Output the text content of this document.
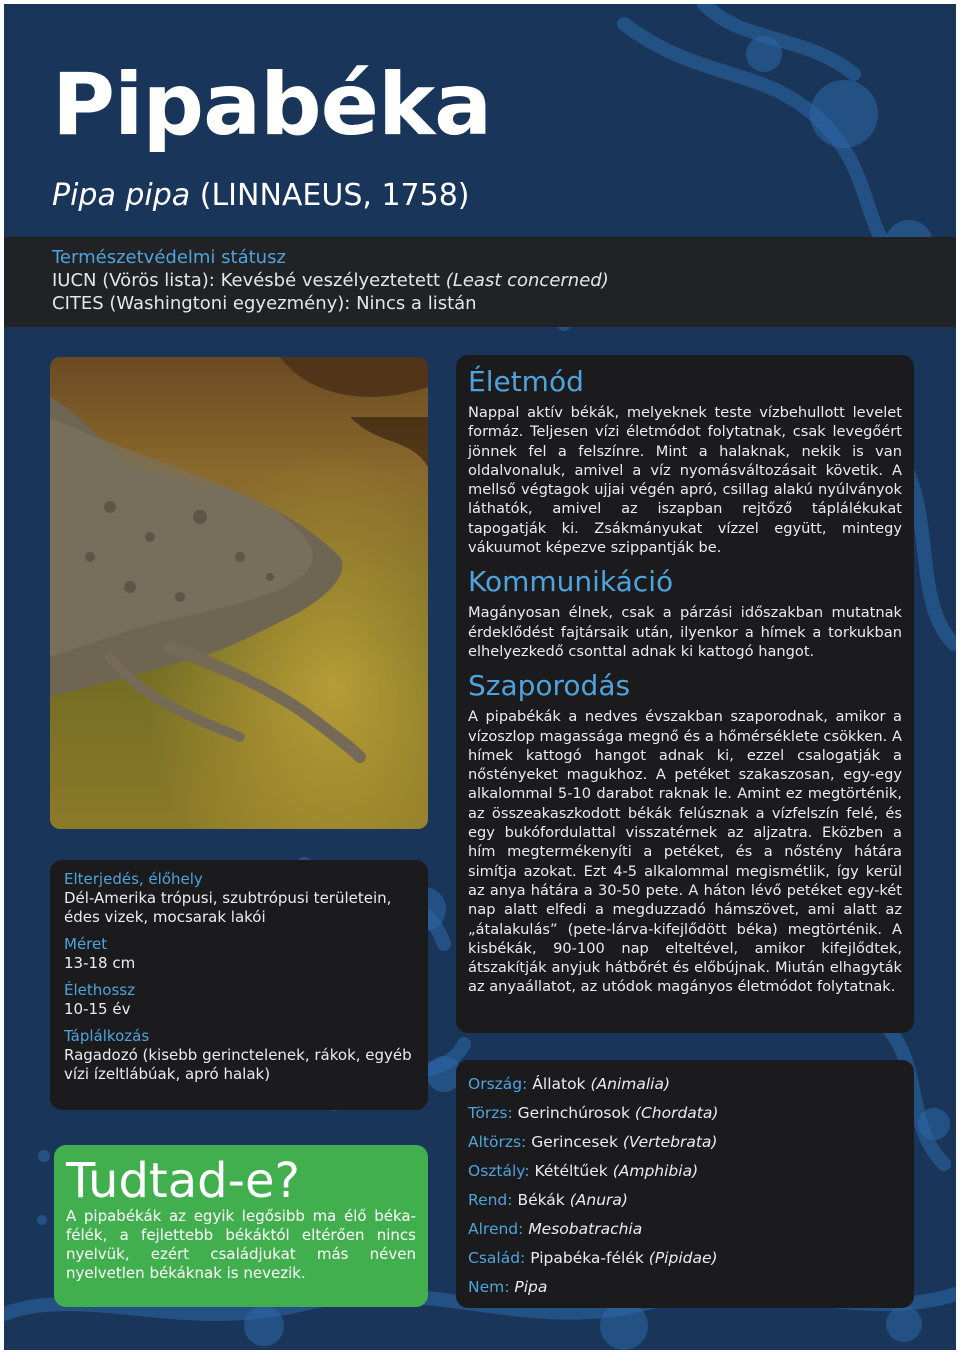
Pipabéka
Pipa pipa (LINNAEUS, 1758)
Természetvédelmi státusz
IUCN (Vörös lista): Kevésbé veszélyeztetett (Least concerned)
CITES (Washingtoni egyezmény): Nincs a listán
Elterjedés, élőhely
Dél-Amerika trópusi, szubtrópusi területein, édes vizek, mocsarak lakói
Méret
13-18 cm
Élethossz
10-15 év
Táplálkozás
Ragadozó (kisebb gerinctelenek, rákok, egyéb vízi ízeltlábúak, apró halak)
Tudtad-e?
A pipabékák az egyik legősibb ma élő béka-félék, a fejlettebb békáktól eltérően nincs nyelvük, ezért családjukat más néven nyelvetlen békáknak is nevezik.
Életmód
Nappal aktív békák, melyeknek teste vízbehullott levelet formáz. Teljesen vízi életmódot folytatnak, csak levegőért jönnek fel a felszínre. Mint a halaknak, nekik is van oldalvonaluk, amivel a víz nyomásváltozásait követik. A mellső végtagok ujjai végén apró, csillag alakú nyúlványok láthatók, amivel az iszapban rejtőző táplálékukat tapogatják ki. Zsákmányukat vízzel együtt, mintegy vákuumot képezve szippantják be.
Kommunikáció
Magányosan élnek, csak a párzási időszakban mutatnak érdeklődést fajtársaik után, ilyenkor a hímek a torkukban elhelyezkedő csonttal adnak ki kattogó hangot.
Szaporodás
A pipabékák a nedves évszakban szaporodnak, amikor a vízoszlop magassága megnő és a hőmérséklete csökken. A hímek kattogó hangot adnak ki, ezzel csalogatják a nőstényeket magukhoz. A petéket szakaszosan, egy-egy alkalommal 5-10 darabot raknak le. Amint ez megtörténik, az összeakaszkodott békák felúsznak a vízfelszín felé, és egy bukófordulattal visszatérnek az aljzatra. Eközben a hím megtermékenyíti a petéket, és a nőstény hátára simítja azokat. Ezt 4-5 alkalommal megismétlik, így kerül az anya hátára a 30-50 pete. A háton lévő petéket egy-két nap alatt elfedi a megduzzadó hámszövet, ami alatt az „átalakulás” (pete-lárva-kifejlődött béka) megtörténik. A kisbékák, 90-100 nap elteltével, amikor kifejlődtek, átszakítják anyjuk hátbőrét és előbújnak. Miután elhagyták az anyaállatot, az utódok magányos életmódot folytatnak.
Ország: Állatok (Animalia)
Törzs: Gerinchúrosok (Chordata)
Altörzs: Gerincesek (Vertebrata)
Osztály: Kétéltűek (Amphibia)
Rend: Békák (Anura)
Alrend: Mesobatrachia
Család: Pipabéka-félék (Pipidae)
Nem: Pipa
